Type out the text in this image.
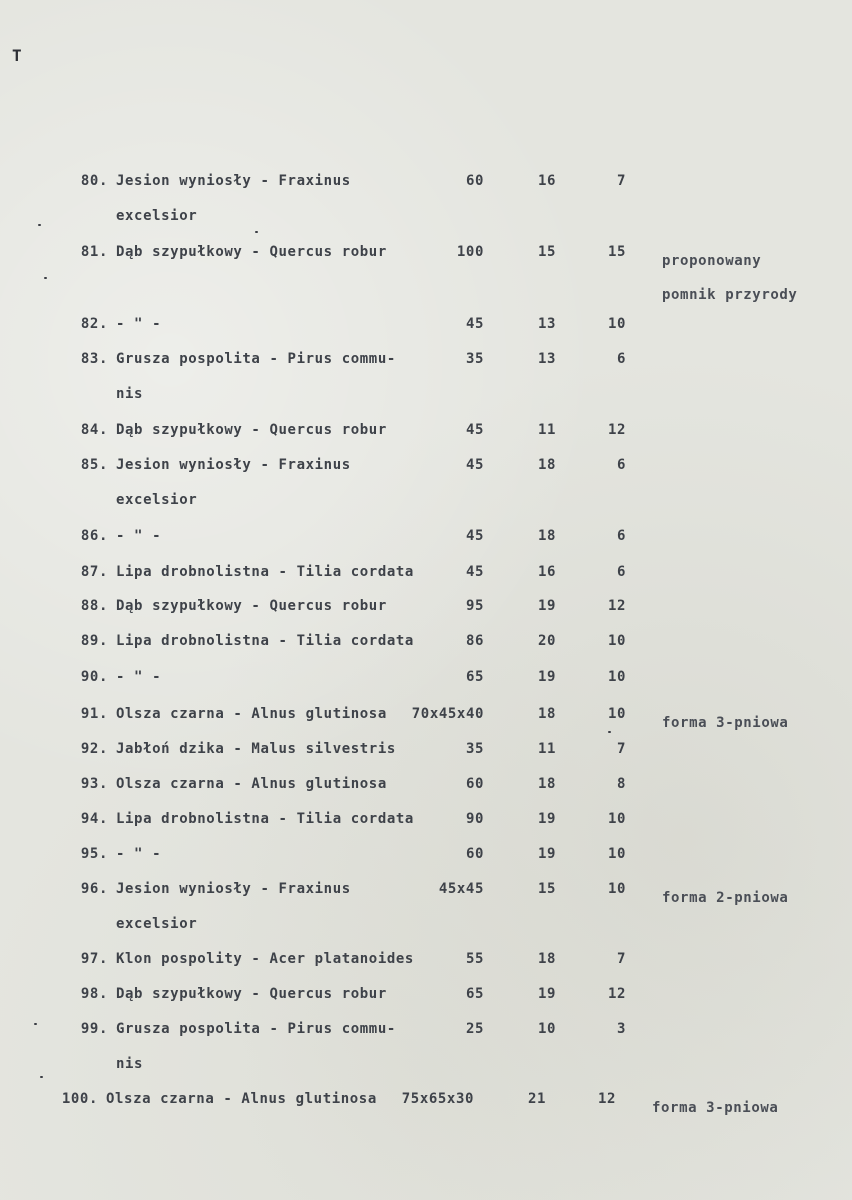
T
80. Jesion wyniosły - Fraxinus
excelsior
60	16	7
81. Dąb szypułkowy - Quercus robur	100	15	15
proponowany
pomnik przyrody
82. - " -	45	13	10
83. Grusza pospolita - Pirus commu-
nis
35	13	6
84. Dąb szypułkowy - Quercus robur	45	11	12
85. Jesion wyniosły - Fraxinus
excelsior
45	18	6
86. - " -	45	18	6
87. Lipa drobnolistna - Tilia cordata	45	16	6
88. Dąb szypułkowy - Quercus robur	95	19	12
89. Lipa drobnolistna - Tilia cordata	86	20	10
90. - " -	65	19	10
91. Olsza czarna - Alnus glutinosa	70x45x40	18	10
forma 3-pniowa
92. Jabłoń dzika - Malus silvestris	35	11	7
93. Olsza czarna - Alnus glutinosa	60	18	8
94. Lipa drobnolistna - Tilia cordata	90	19	10
95. - " -	60	19	10
96. Jesion wyniosły - Fraxinus
excelsior
45x45	15	10
forma 2-pniowa
97. Klon pospolity - Acer platanoides	55	18	7
98. Dąb szypułkowy - Quercus robur	65	19	12
99. Grusza pospolita - Pirus commu-
nis
25	10	3
100. Olsza czarna - Alnus glutinosa	75x65x30	21	12
forma 3-pniowa
